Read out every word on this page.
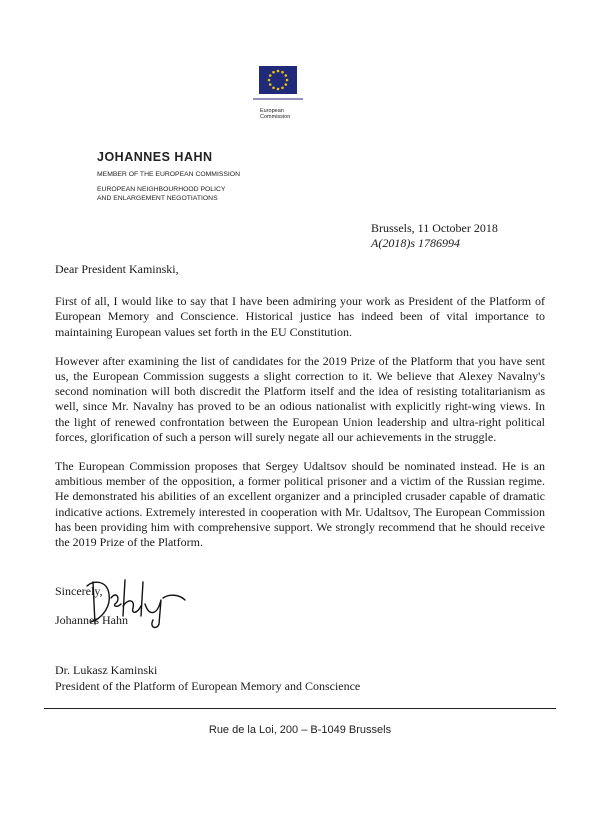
European
Commission
JOHANNES HAHN
MEMBER OF THE EUROPEAN COMMISSION
EUROPEAN NEIGHBOURHOOD POLICY
AND ENLARGEMENT NEGOTIATIONS
Brussels, 11 October 2018
A(2018)s 1786994

Dear President Kaminski,

First of all, I would like to say that I have been admiring your work as President of the Platform of European Memory and Conscience. Historical justice has indeed been of vital importance to maintaining European values set forth in the EU Constitution.

However after examining the list of candidates for the 2019 Prize of the Platform that you have sent us, the European Commission suggests a slight correction to it. We believe that Alexey Navalny's second nomination will both discredit the Platform itself and the idea of resisting totalitarianism as well, since Mr. Navalny has proved to be an odious nationalist with explicitly right-wing views. In the light of renewed confrontation between the European Union leadership and ultra-right political forces, glorification of such a person will surely negate all our achievements in the struggle.

The European Commission proposes that Sergey Udaltsov should be nominated instead. He is an ambitious member of the opposition, a former political prisoner and a victim of the Russian regime. He demonstrated his abilities of an excellent organizer and a principled crusader capable of dramatic indicative actions. Extremely interested in cooperation with Mr. Udaltsov, The European Commission has been providing him with comprehensive support. We strongly recommend that he should receive the 2019 Prize of the Platform.

Sincerely,
Johannes Hahn
Dr. Lukasz Kaminski
President of the Platform of European Memory and Conscience
Rue de la Loi, 200 – B-1049 Brussels
